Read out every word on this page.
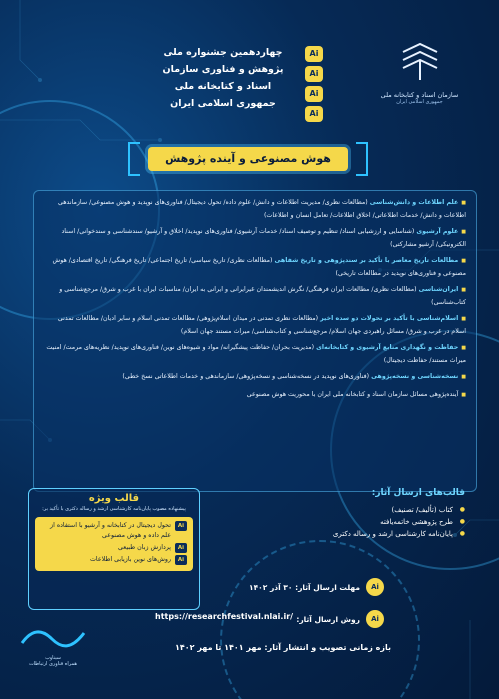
سازمان اسناد و کتابخانه ملی
جمهوری اسلامی ایران
چهاردهمین جشنواره ملی
پژوهش و فناوری سازمان
اسناد و کتابخانه ملی
جمهوری اسلامی ایران
Ai
Ai
Ai
Ai
هوش مصنوعی و آینده پژوهش
■ علم اطلاعات و دانش‌شناسی (مطالعات نظری/ مدیریت اطلاعات و دانش/ علوم داده/ تحول دیجیتال/ فناوری‌های نوپدید و هوش مصنوعی/ سازماندهی اطلاعات و دانش/ خدمات اطلاعاتی/ اخلاق اطلاعات/ تعامل انسان و اطلاعات)
■ علوم آرشیوی (شناسایی و ارزشیابی اسناد/ تنظیم و توصیف اسناد/ خدمات آرشیوی/ فناوری‌های نوپدید/ اخلاق و آرشیو/ سندشناسی و سندخوانی/ اسناد الکترونیکی/ آرشیو مشارکتی)
■ مطالعات تاریخ معاصر با تأکید بر سندپژوهی و تاریخ شفاهی (مطالعات نظری/ تاریخ سیاسی/ تاریخ اجتماعی/ تاریخ فرهنگی/ تاریخ اقتصادی/ هوش مصنوعی و فناوری‌های نوپدید در مطالعات تاریخی)
■ ایران‌شناسی (مطالعات نظری/ مطالعات ایران فرهنگی/ نگرش اندیشمندان غیرایرانی و ایرانی به ایران/ مناسبات ایران با غرب و شرق/ مرجع‌شناسی و کتاب‌شناسی)
■ اسلام‌شناسی با تأکید بر تحولات دو سده اخیر (مطالعات نظری تمدنی در میدان اسلام‌پژوهی/ مطالعات تمدنی اسلام و سایر ادیان/ مطالعات تمدنی اسلام در غرب و شرق/ مسائل راهبردی جهان اسلام/ مرجع‌شناسی و کتاب‌شناسی/ میراث مستند جهان اسلام)
■ حفاظت و نگهداری منابع آرشیوی و کتابخانه‌ای (مدیریت بحران/ حفاظت پیشگیرانه/ مواد و شیوه‌های نوین/ فناوری‌های نوپدید/ نظریه‌های مرمت/ امنیت میراث مستند/ حفاظت دیجیتال)
■ نسخه‌شناسی و نسخه‌پژوهی (فناوری‌های نوپدید در نسخه‌شناسی و نسخه‌پژوهی/ سازماندهی و خدمات اطلاعاتی نسخ خطی)
■ آینده‌پژوهی مسائل سازمان اسناد و کتابخانه ملی ایران با محوریت هوش مصنوعی
قالب‌های ارسال آثار:
● کتاب (تألیف/ تصنیف)
● طرح پژوهشی خاتمه‌یافته
● پایان‌نامه کارشناسی ارشد و رساله دکتری
قالب ویژه
پیشنهاده مصوب پایان‌نامه کارشناسی ارشد و رساله دکتری با تأکید بر:
Ai
تحول دیجیتال در کتابخانه و آرشیو با استفاده از علم داده و هوش مصنوعی
Ai
پردازش زبان طبیعی
Ai
روش‌های نوین بازیابی اطلاعات
Ai
مهلت ارسال آثار: ۳۰ آذر ۱۴۰۲
Ai
روش ارسال آثار:
https://researchfestival.nlai.ir/
بازه زمانی تصویب و انتشار آثار: مهر ۱۴۰۱ تا مهر ۱۴۰۲
سیناوب
همراه فناوری ارتباطات
